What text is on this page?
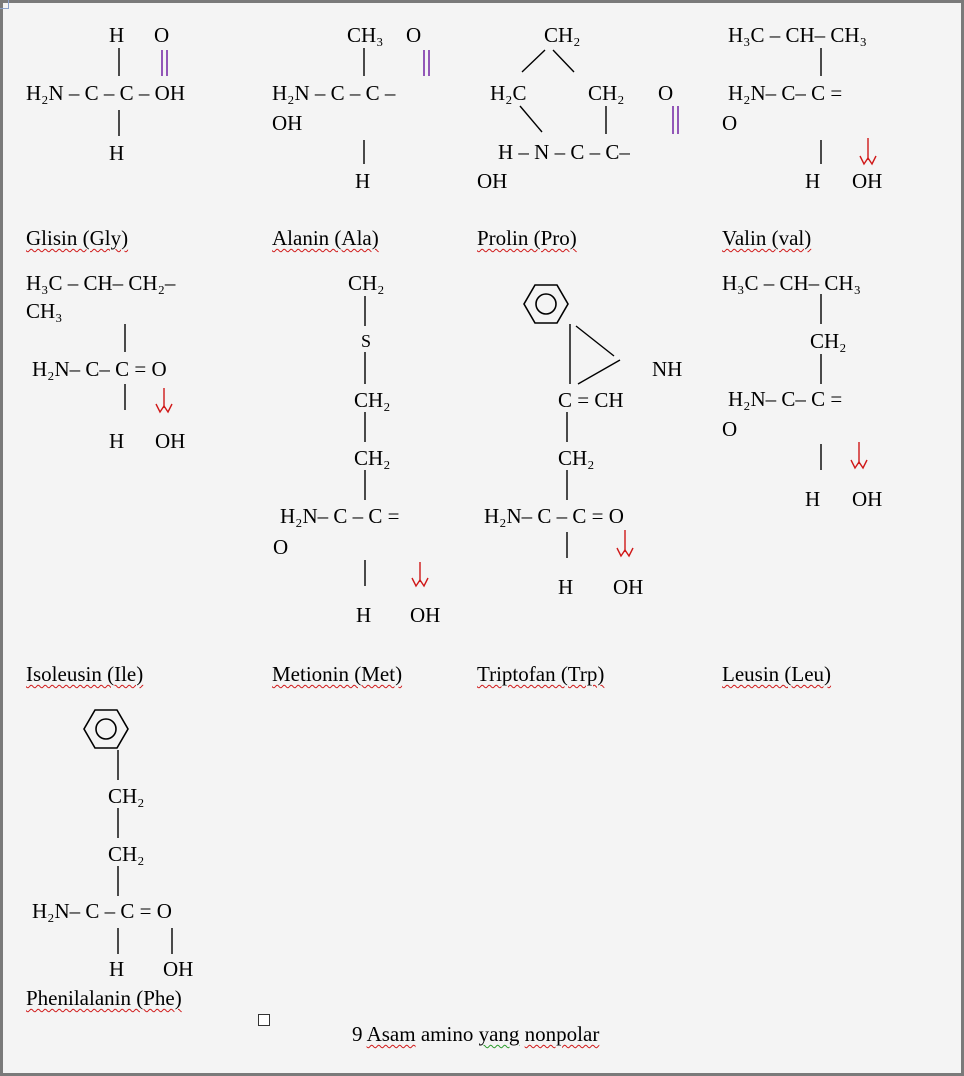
H O
H₂N – C – C – OH
H
CH₃ O
H₂N – C – C –
OH
H
CH₂
H₂C	CH₂ O
H – N – C – C–
OH
H₃C – CH– CH₃
H₂N– C– C =
O
H OH
H₃C – CH– CH₂–
CH₃
H₂N– C– C = O
H OH
CH₂
S
CH₂
CH₂
H₂N– C – C =
O
H OH
NH
C = CH
CH₂
H₂N– C – C = O
H OH
H₃C – CH– CH₃
CH₂
H₂N– C– C =
O
H OH
CH₂
CH₂
H₂N– C – C = O
H OH
Glisin (Gly)	Alanin (Ala)	Prolin (Pro)	Valin (val)
Isoleusin (Ile)	Metionin (Met)	Triptofan (Trp)	Leusin (Leu)
Phenilalanin (Phe)
9 Asam amino yang nonpolar
